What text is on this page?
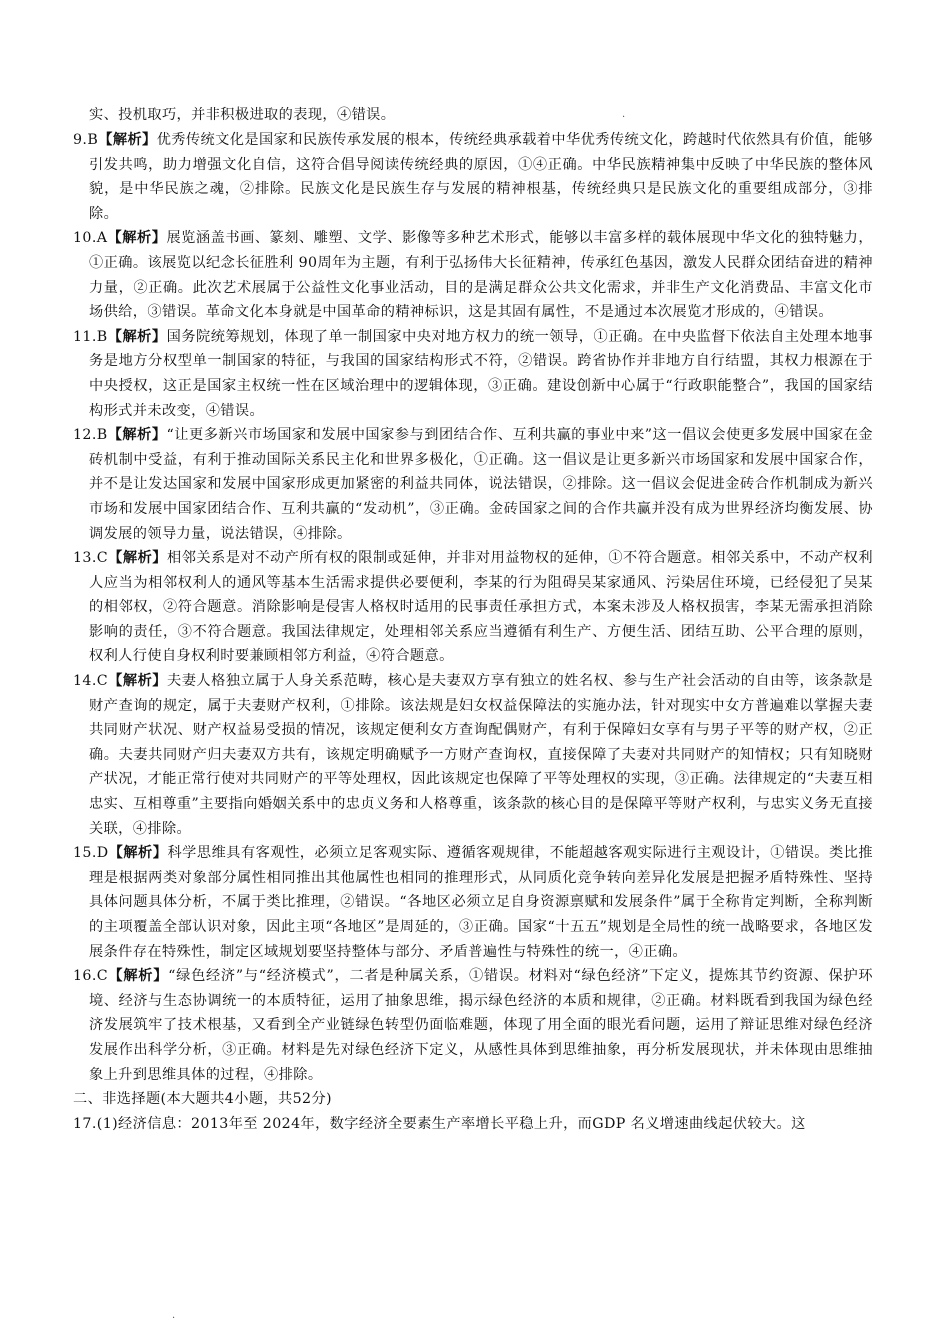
·
·
实、投机取巧，并非积极进取的表现，④错误。
9.B【解析】优秀传统文化是国家和民族传承发展的根本，传统经典承载着中华优秀传统文化，跨越时代依然具有价值，能够引发共鸣，助力增强文化自信，这符合倡导阅读传统经典的原因，①④正确。中华民族精神集中反映了中华民族的整体风貌，是中华民族之魂，②排除。民族文化是民族生存与发展的精神根基，传统经典只是民族文化的重要组成部分，③排除。
10.A【解析】展览涵盖书画、篆刻、雕塑、文学、影像等多种艺术形式，能够以丰富多样的载体展现中华文化的独特魅力，①正确。该展览以纪念长征胜利 90周年为主题，有利于弘扬伟大长征精神，传承红色基因，激发人民群众团结奋进的精神力量，②正确。此次艺术展属于公益性文化事业活动，目的是满足群众公共文化需求，并非生产文化消费品、丰富文化市场供给，③错误。革命文化本身就是中国革命的精神标识，这是其固有属性，不是通过本次展览才形成的，④错误。
11.B【解析】国务院统筹规划，体现了单一制国家中央对地方权力的统一领导，①正确。在中央监督下依法自主处理本地事务是地方分权型单一制国家的特征，与我国的国家结构形式不符，②错误。跨省协作并非地方自行结盟，其权力根源在于中央授权，这正是国家主权统一性在区域治理中的逻辑体现，③正确。建设创新中心属于“行政职能整合”，我国的国家结构形式并未改变，④错误。
12.B【解析】“让更多新兴市场国家和发展中国家参与到团结合作、互利共赢的事业中来”这一倡议会使更多发展中国家在金砖机制中受益，有利于推动国际关系民主化和世界多极化，①正确。这一倡议是让更多新兴市场国家和发展中国家合作，并不是让发达国家和发展中国家形成更加紧密的利益共同体，说法错误，②排除。这一倡议会促进金砖合作机制成为新兴市场和发展中国家团结合作、互利共赢的“发动机”，③正确。金砖国家之间的合作共赢并没有成为世界经济均衡发展、协调发展的领导力量，说法错误，④排除。
13.C【解析】相邻关系是对不动产所有权的限制或延伸，并非对用益物权的延伸，①不符合题意。相邻关系中，不动产权利人应当为相邻权利人的通风等基本生活需求提供必要便利，李某的行为阻碍吴某家通风、污染居住环境，已经侵犯了吴某的相邻权，②符合题意。消除影响是侵害人格权时适用的民事责任承担方式，本案未涉及人格权损害，李某无需承担消除影响的责任，③不符合题意。我国法律规定，处理相邻关系应当遵循有利生产、方便生活、团结互助、公平合理的原则，权利人行使自身权利时要兼顾相邻方利益，④符合题意。
14.C【解析】夫妻人格独立属于人身关系范畴，核心是夫妻双方享有独立的姓名权、参与生产社会活动的自由等，该条款是财产查询的规定，属于夫妻财产权利，①排除。该法规是妇女权益保障法的实施办法，针对现实中女方普遍难以掌握夫妻共同财产状况、财产权益易受损的情况，该规定便利女方查询配偶财产，有利于保障妇女享有与男子平等的财产权，②正确。夫妻共同财产归夫妻双方共有，该规定明确赋予一方财产查询权，直接保障了夫妻对共同财产的知情权；只有知晓财产状况，才能正常行使对共同财产的平等处理权，因此该规定也保障了平等处理权的实现，③正确。法律规定的“夫妻互相忠实、互相尊重”主要指向婚姻关系中的忠贞义务和人格尊重，该条款的核心目的是保障平等财产权利，与忠实义务无直接关联，④排除。
15.D【解析】科学思维具有客观性，必须立足客观实际、遵循客观规律，不能超越客观实际进行主观设计，①错误。类比推理是根据两类对象部分属性相同推出其他属性也相同的推理形式，从同质化竞争转向差异化发展是把握矛盾特殊性、坚持具体问题具体分析，不属于类比推理，②错误。“各地区必须立足自身资源禀赋和发展条件”属于全称肯定判断，全称判断的主项覆盖全部认识对象，因此主项“各地区”是周延的，③正确。国家“十五五”规划是全局性的统一战略要求，各地区发展条件存在特殊性，制定区域规划要坚持整体与部分、矛盾普遍性与特殊性的统一，④正确。
16.C【解析】“绿色经济”与“经济模式”，二者是种属关系，①错误。材料对“绿色经济”下定义，提炼其节约资源、保护环境、经济与生态协调统一的本质特征，运用了抽象思维，揭示绿色经济的本质和规律，②正确。材料既看到我国为绿色经济发展筑牢了技术根基，又看到全产业链绿色转型仍面临难题，体现了用全面的眼光看问题，运用了辩证思维对绿色经济发展作出科学分析，③正确。材料是先对绿色经济下定义，从感性具体到思维抽象，再分析发展现状，并未体现由思维抽象上升到思维具体的过程，④排除。
二、非选择题(本大题共4小题，共52分)
17.(1)经济信息：2013年至 2024年，数字经济全要素生产率增长平稳上升，而GDP 名义增速曲线起伏较大。这
